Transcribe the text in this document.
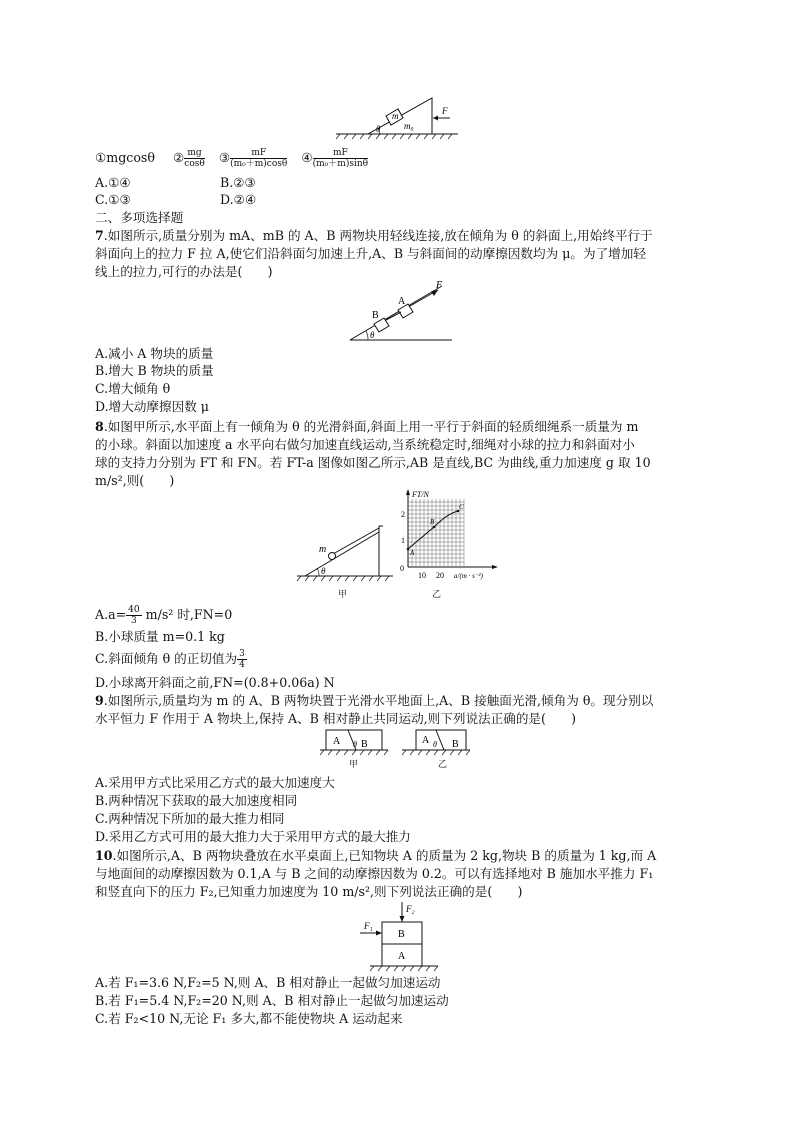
m
m₀
θ
F
①mgcosθ ② $\frac{mg}{\cos\theta}$ ③ $\frac{mF}{\text{(m₀＋m)cosθ}}$ ④ $\frac{mF}{\text{(m₀＋m)sinθ}}$
A.①④	B.②③
C.①③	D.②④
二、多项选择题
7.如图所示,质量分别为 mA、mB 的 A、B 两物块用轻线连接,放在倾角为 θ 的斜面上,用始终平行于
斜面向上的拉力 F 拉 A,使它们沿斜面匀加速上升,A、B 与斜面间的动摩擦因数均为 μ。为了增加轻
线上的拉力,可行的办法是(　　)
B
A
F
θ
A.减小 A 物块的质量
B.增大 B 物块的质量
C.增大倾角 θ
D.增大动摩擦因数 μ
8.如图甲所示,水平面上有一倾角为 θ 的光滑斜面,斜面上用一平行于斜面的轻质细绳系一质量为 m
的小球。斜面以加速度 a 水平向右做匀加速直线运动,当系统稳定时,细绳对小球的拉力和斜面对小
球的支持力分别为 FT 和 FN。若 FT-a 图像如图乙所示,AB 是直线,BC 为曲线,重力加速度 g 取 10
m/s²,则(　　)
m
θ
甲
FT/N
0
1
2
10 20 a/(m · s⁻²)
A
B
C
乙
$A.a= \frac{40}{3} m/s^2$ 时,FN=0
B.小球质量 m=0.1 kg
C.斜面倾角 θ 的正切值为 $\frac{3}{4}$
D.小球离开斜面之前,FN=(0.8+0.06a) N
9.如图所示,质量均为 m 的 A、B 两物块置于光滑水平地面上,A、B 接触面光滑,倾角为 θ。现分别以
水平恒力 F 作用于 A 物块上,保持 A、B 相对静止共同运动,则下列说法正确的是(　　)
A θ B	A θ B
甲	乙
A.采用甲方式比采用乙方式的最大加速度大
B.两种情况下获取的最大加速度相同
C.两种情况下所加的最大推力相同
D.采用乙方式可用的最大推力大于采用甲方式的最大推力
10.如图所示,A、B 两物块叠放在水平桌面上,已知物块 A 的质量为 2 kg,物块 B 的质量为 1 kg,而 A
与地面间的动摩擦因数为 0.1,A 与 B 之间的动摩擦因数为 0.2。可以有选择地对 B 施加水平推力 F₁
和竖直向下的压力 F₂,已知重力加速度为 10 m/s²,则下列说法正确的是(　　)
F₂
F₁
B
A
A.若 F₁=3.6 N,F₂=5 N,则 A、B 相对静止一起做匀加速运动
B.若 F₁=5.4 N,F₂=20 N,则 A、B 相对静止一起做匀加速运动
C.若 F₂<10 N,无论 F₁ 多大,都不能使物块 A 运动起来
